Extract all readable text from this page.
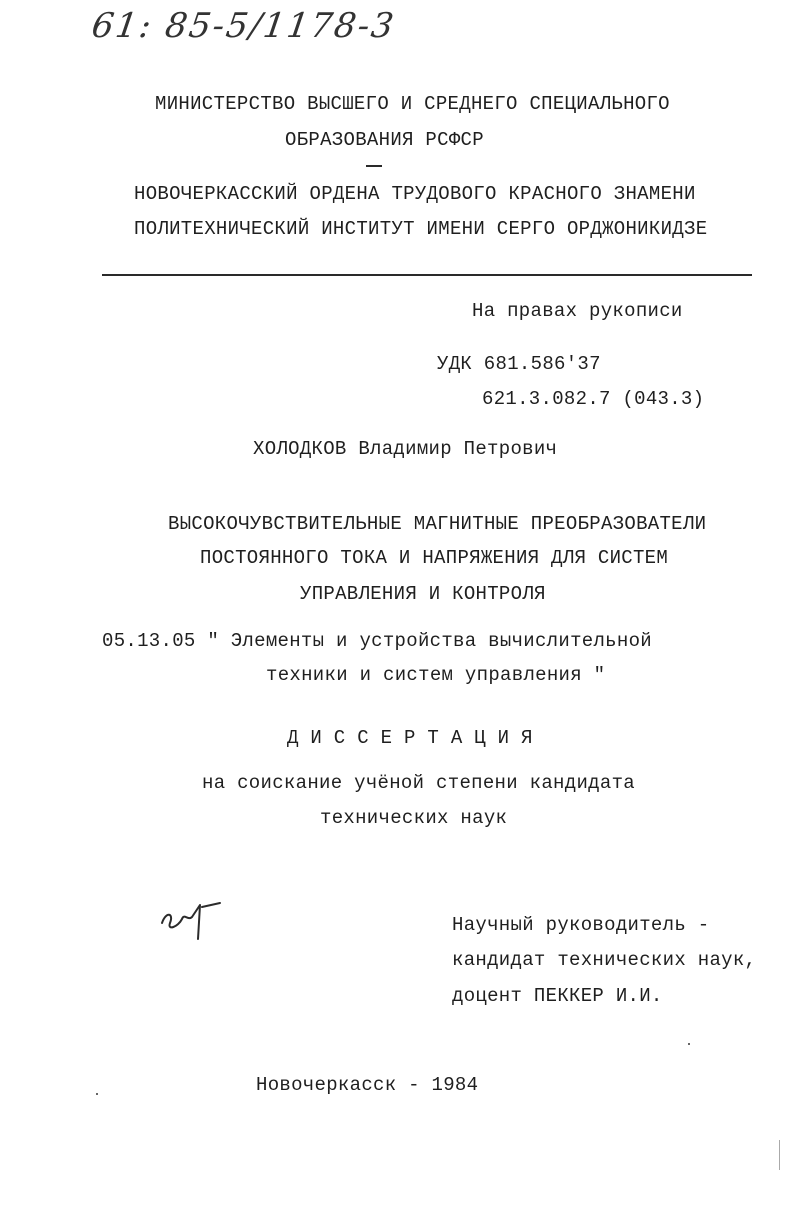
61: 85-5/1178-3
МИНИСТЕРСТВО ВЫСШЕГО И СРЕДНЕГО СПЕЦИАЛЬНОГО
ОБРАЗОВАНИЯ РСФСР
НОВОЧЕРКАССКИЙ ОРДЕНА ТРУДОВОГО КРАСНОГО ЗНАМЕНИ
ПОЛИТЕХНИЧЕСКИЙ ИНСТИТУТ ИМЕНИ СЕРГО ОРДЖОНИКИДЗЕ
На правах рукописи
УДК 681.586'37
621.3.082.7 (043.3)
ХОЛОДКОВ Владимир Петрович
ВЫСОКОЧУВСТВИТЕЛЬНЫЕ МАГНИТНЫЕ ПРЕОБРАЗОВАТЕЛИ
ПОСТОЯННОГО ТОКА И НАПРЯЖЕНИЯ ДЛЯ СИСТЕМ
УПРАВЛЕНИЯ И КОНТРОЛЯ
05.13.05 " Элементы и устройства вычислительной
техники и систем управления "
Д И С С Е Р Т А Ц И Я
на соискание учёной степени кандидата
технических наук
Научный руководитель -
кандидат технических наук,
доцент ПЕККЕР И.И.
Новочеркасск - 1984
